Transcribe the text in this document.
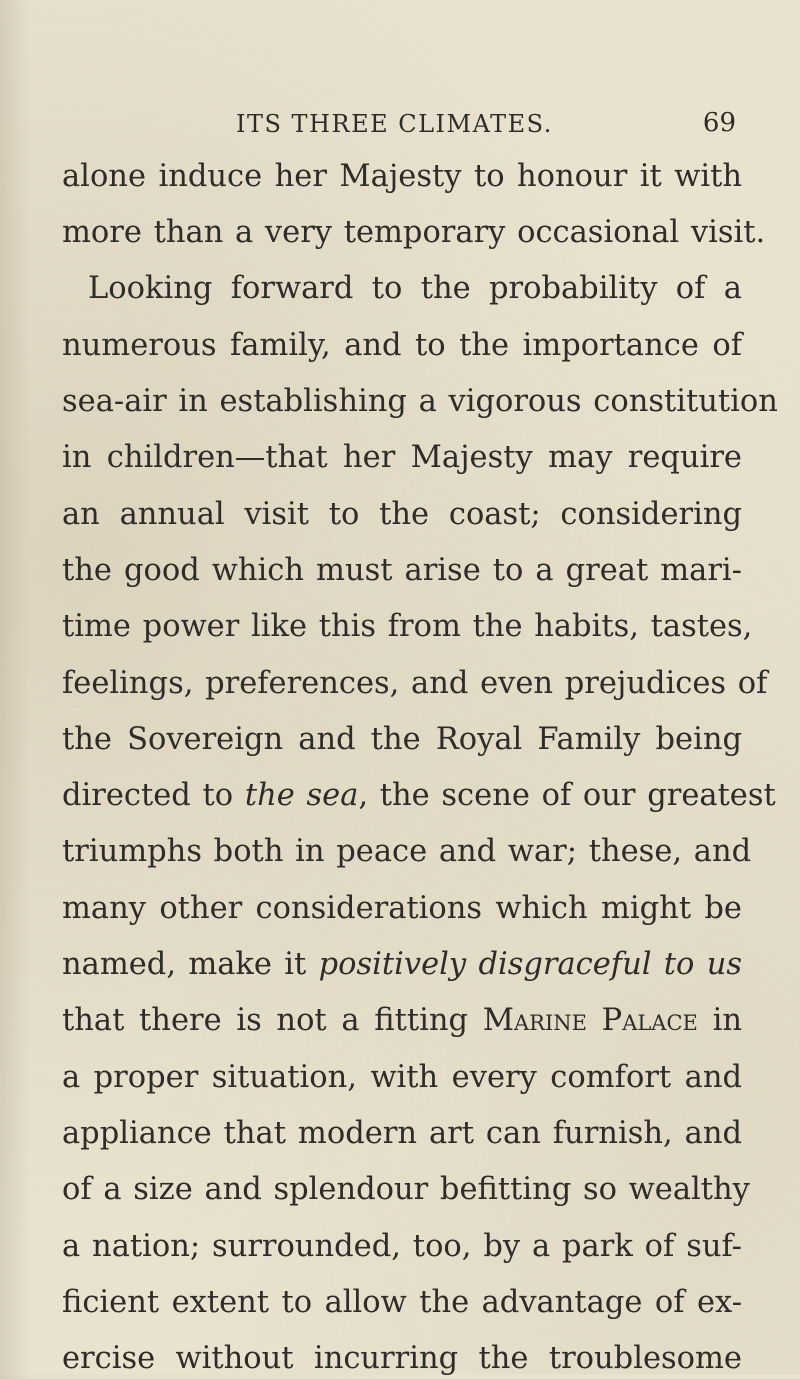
ITS THREE CLIMATES.	69
alone induce her Majesty to honour it with
more than a very temporary occasional visit.
Looking forward to the probability of a
numerous family, and to the importance of
sea-air in establishing a vigorous constitution
in children—that her Majesty may require
an annual visit to the coast; considering
the good which must arise to a great mari-
time power like this from the habits, tastes,
feelings, preferences, and even prejudices of
the Sovereign and the Royal Family being
directed to the sea, the scene of our greatest
triumphs both in peace and war; these, and
many other considerations which might be
named, make it positively disgraceful to us
that there is not a fitting Marine Palace in
a proper situation, with every comfort and
appliance that modern art can furnish, and
of a size and splendour befitting so wealthy
a nation; surrounded, too, by a park of suf-
ficient extent to allow the advantage of ex-
ercise without incurring the troublesome
